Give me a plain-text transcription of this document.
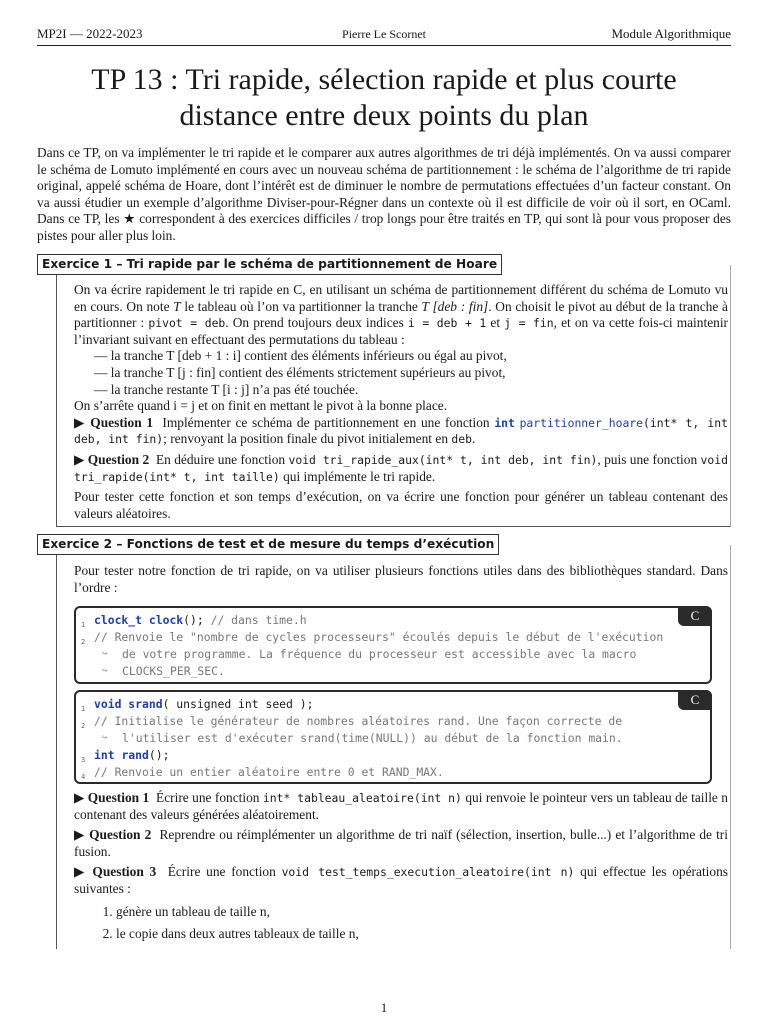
MP2I — 2022-2023	Pierre Le Scornet	Module Algorithmique
TP 13 : Tri rapide, sélection rapide et plus courte
distance entre deux points du plan
Dans ce TP, on va implémenter le tri rapide et le comparer aux autres algorithmes de tri déjà implémentés. On va aussi comparer le schéma de Lomuto implémenté en cours avec un nouveau schéma de partitionnement : le schéma de l’algorithme de tri rapide original, appelé schéma de Hoare, dont l’intérêt est de diminuer le nombre de permutations effectuées d’un facteur constant. On va aussi étudier un exemple d’algorithme Diviser-pour-Régner dans un contexte où il est difficile de voir où il sort, en OCaml. Dans ce TP, les ★ correspondent à des exercices difficiles / trop longs pour être traités en TP, qui sont là pour vous proposer des pistes pour aller plus loin.
Exercice 1 – Tri rapide par le schéma de partitionnement de Hoare

On va écrire rapidement le tri rapide en C, en utilisant un schéma de partitionnement différent du schéma de Lomuto vu en cours. On note T le tableau où l’on va partitionner la tranche T [deb : fin]. On choisit le pivot au début de la tranche à partitionner : pivot = deb. On prend toujours deux indices i = deb + 1 et j = fin, et on va cette fois-ci maintenir l’invariant suivant en effectuant des permutations du tableau :

— la tranche T [deb + 1 : i] contient des éléments inférieurs ou égal au pivot,

— la tranche T [j : fin] contient des éléments strictement supérieurs au pivot,

— la tranche restante T [i : j] n’a pas été touchée.

On s’arrête quand i = j et on finit en mettant le pivot à la bonne place.

▶ Question 1 Implémenter ce schéma de partitionnement en une fonction int partitionner_hoare(int* t, int deb, int fin); renvoyant la position finale du pivot initialement en deb.

▶ Question 2 En déduire une fonction void tri_rapide_aux(int* t, int deb, int fin), puis une fonction void tri_rapide(int* t, int taille) qui implémente le tri rapide.

Pour tester cette fonction et son temps d’exécution, on va écrire une fonction pour générer un tableau contenant des valeurs aléatoires.

Exercice 2 – Fonctions de test et de mesure du temps d’exécution
Pour tester notre fonction de tri rapide, on va utiliser plusieurs fonctions utiles dans des bibliothèques standard. Dans l’ordre :
C
1 clock_t clock(); // dans time.h
2 // Renvoie le "nombre de cycles processeurs" écoulés depuis le début de l'exécution
↪ de votre programme. La fréquence du processeur est accessible avec la macro
↪ CLOCKS_PER_SEC.
C
1 void srand( unsigned int seed );
2 // Initialise le générateur de nombres aléatoires rand. Une façon correcte de
↪ l'utiliser est d'exécuter srand(time(NULL)) au début de la fonction main.
3 int rand();
4 // Renvoie un entier aléatoire entre 0 et RAND_MAX.

▶ Question 1 Écrire une fonction int* tableau_aleatoire(int n) qui renvoie le pointeur vers un tableau de taille n contenant des valeurs générées aléatoirement.

▶ Question 2 Reprendre ou réimplémenter un algorithme de tri naïf (sélection, insertion, bulle...) et l’algorithme de tri fusion.

▶ Question 3 Écrire une fonction void test_temps_execution_aleatoire(int n) qui effectue les opérations suivantes :

1. génère un tableau de taille n,
2. le copie dans deux autres tableaux de taille n,
1
